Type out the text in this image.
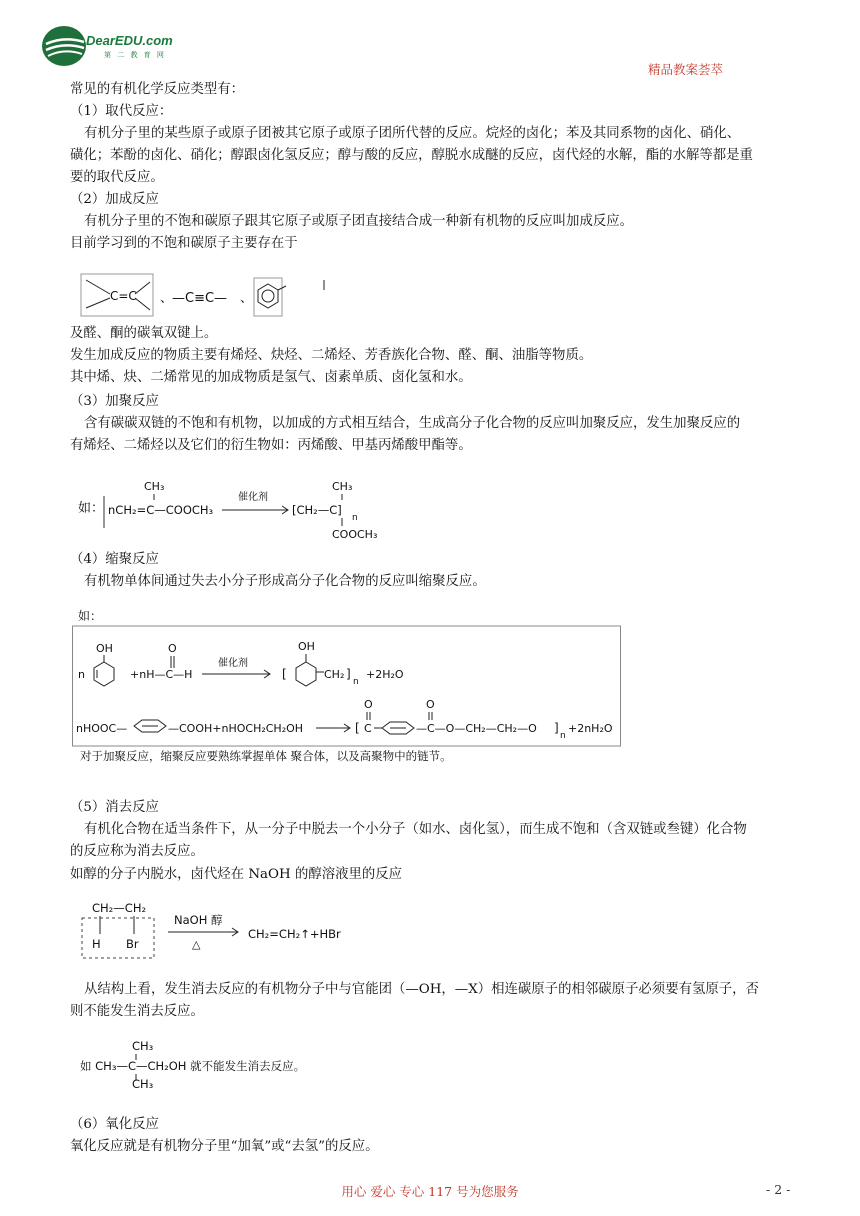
DearEDU.com
第 二 教 育 网
精品教案荟萃
常见的有机化学反应类型有：
（1）取代反应：
有机分子里的某些原子或原子团被其它原子或原子团所代替的反应。烷烃的卤化；苯及其同系物的卤化、硝化、
磺化；苯酚的卤化、硝化；醇跟卤化氢反应；醇与酸的反应，醇脱水成醚的反应，卤代烃的水解，酯的水解等都是重
要的取代反应。
（2）加成反应
有机分子里的不饱和碳原子跟其它原子或原子团直接结合成一种新有机物的反应叫加成反应。
目前学习到的不饱和碳原子主要存在于
C=C 、
—C≡C— 、
及醛、酮的碳氧双键上。
发生加成反应的物质主要有烯烃、炔烃、二烯烃、芳香族化合物、醛、酮、油脂等物质。
其中烯、炔、二烯常见的加成物质是氢气、卤素单质、卤化氢和水。
（3）加聚反应
含有碳碳双链的不饱和有机物，以加成的方式相互结合，生成高分子化合物的反应叫加聚反应，发生加聚反应的
有烯烃、二烯烃以及它们的衍生物如：丙烯酸、甲基丙烯酸甲酯等。
如：
CH₃
nCH₂=C—COOCH₃
催化剂
CH₃
[CH₂—C]
n
COOCH₃
（4）缩聚反应
有机物单体间通过失去小分子形成高分子化合物的反应叫缩聚反应。
如：
n
OH
+nH—C—H
O
催化剂
[
OH
CH₂ ]
n
+2H₂O
nHOOC—	—COOH+nHOCH₂CH₂OH	[
O
C
O
—C—O—CH₂—CH₂—O ]
n
+2nH₂O
对于加聚反应，缩聚反应要熟练掌握单体 聚合体，以及高聚物中的链节。
（5）消去反应
有机化合物在适当条件下，从一分子中脱去一个小分子（如水、卤化氢），而生成不饱和（含双链或叁键）化合物
的反应称为消去反应。
如醇的分子内脱水，卤代烃在 NaOH 的醇溶液里的反应
CH₂—CH₂
H Br
NaOH 醇
△
CH₂=CH₂↑+HBr
从结构上看，发生消去反应的有机物分子中与官能团（—OH，—X）相连碳原子的相邻碳原子必须要有氢原子，否
则不能发生消去反应。
CH₃
如 CH₃—C—CH₂OH 就不能发生消去反应。
CH₃
（6）氧化反应
氧化反应就是有机物分子里“加氧”或“去氢”的反应。
用心 爱心 专心 117 号为您服务	- 2 -
